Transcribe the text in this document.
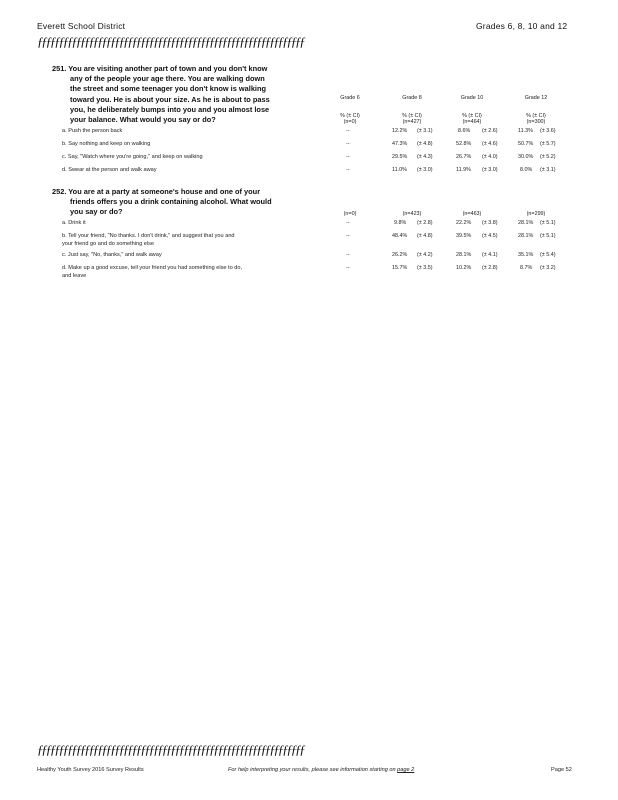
Everett School District	Grades 6, 8, 10 and 12
ƒƒƒƒƒƒƒƒƒƒƒƒƒƒƒƒƒƒƒƒƒƒƒƒƒƒƒƒƒƒƒƒƒƒƒƒƒƒƒƒƒƒƒƒƒƒƒƒƒƒƒƒƒƒƒƒƒƒƒƒƒƒ
251. You are visiting another part of town and you don't know
any of the people your age there. You are walking down
the street and some teenager you don't know is walking
toward you. He is about your size. As he is about to pass
you, he deliberately bumps into you and you almost lose
your balance. What would you say or do?
Grade 6	Grade 8	Grade 10	Grade 12
% (± CI)	% (± CI)	% (± CI)	% (± CI)
(n=0)	(n=427)	(n=464)	(n=300)
a. Push the person back	--	12.2% (± 3.1)	8.6% (± 2.6)	11.3% (± 3.6)
b. Say nothing and keep on walking	--	47.3% (± 4.8)	52.8% (± 4.6)	50.7% (± 5.7)
c. Say, "Watch where you're going," and keep on walking	--	29.5% (± 4.3)	26.7% (± 4.0)	30.0% (± 5.2)
d. Swear at the person and walk away	--	11.0% (± 3.0)	11.9% (± 3.0)	8.0% (± 3.1)
252. You are at a party at someone's house and one of your
friends offers you a drink containing alcohol. What would
you say or do?	(n=0)	(n=423)	(n=463)	(n=299)
a. Drink it	--	9.8% (± 2.8)	22.2% (± 3.8)	28.1% (± 5.1)
b. Tell your friend, "No thanks. I don't drink," and suggest that you and
your friend go and do something else
--	48.4% (± 4.8)	39.5% (± 4.5)	28.1% (± 5.1)
c. Just say, "No, thanks," and walk away	--	26.2% (± 4.2)	28.1% (± 4.1)	35.1% (± 5.4)
d. Make up a good excuse, tell your friend you had something else to do,
and leave
--	15.7% (± 3.5)	10.2% (± 2.8)	8.7% (± 3.2)
ƒƒƒƒƒƒƒƒƒƒƒƒƒƒƒƒƒƒƒƒƒƒƒƒƒƒƒƒƒƒƒƒƒƒƒƒƒƒƒƒƒƒƒƒƒƒƒƒƒƒƒƒƒƒƒƒƒƒƒƒƒƒ
Healthy Youth Survey 2016 Survey Results	For help interpreting your results, please see information starting on page 2	Page 52
